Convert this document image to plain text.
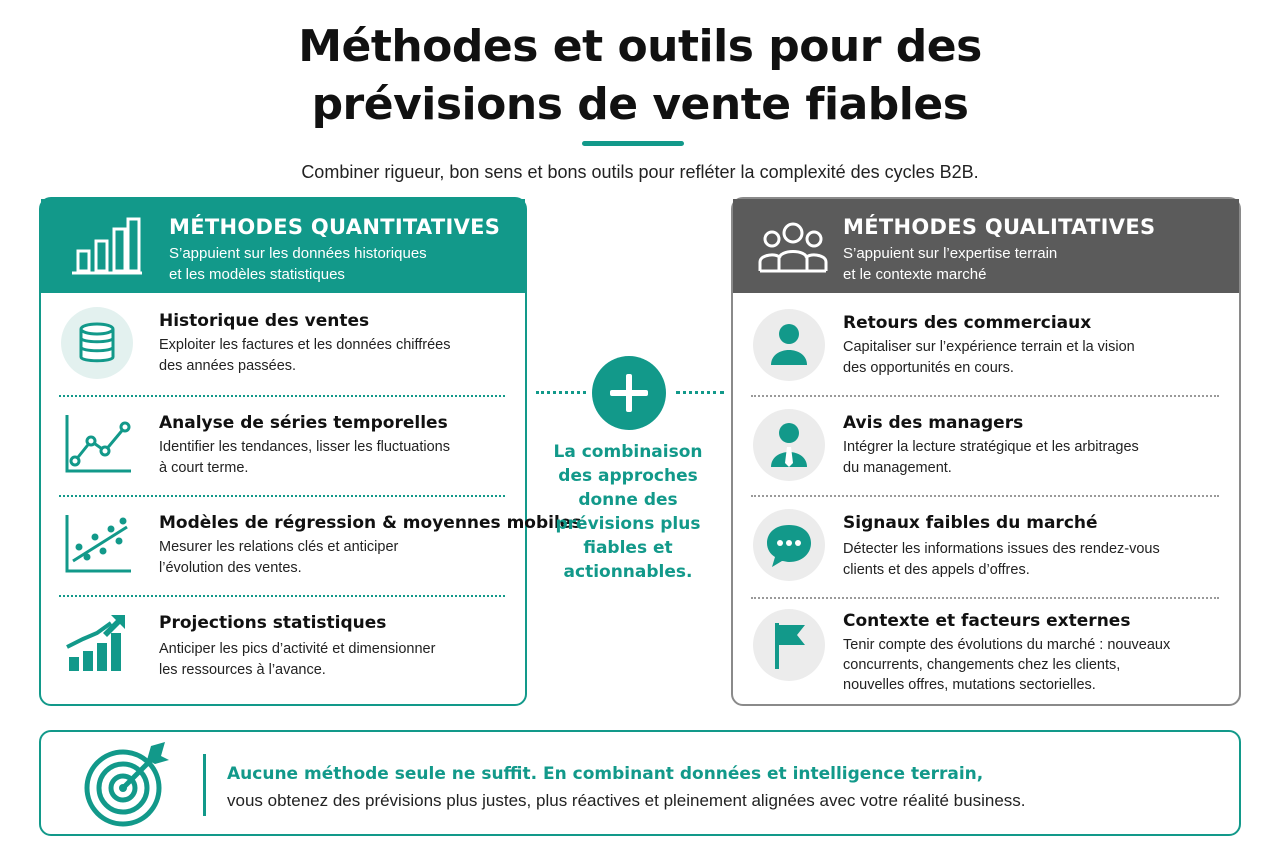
Méthodes et outils pour des
prévisions de vente fiables
Combiner rigueur, bon sens et bons outils pour refléter la complexité des cycles B2B.
MÉTHODES QUANTITATIVES
S’appuient sur les données historiques
et les modèles statistiques
Historique des ventes
Exploiter les factures et les données chiffrées
des années passées.
Analyse de séries temporelles
Identifier les tendances, lisser les fluctuations
à court terme.
Modèles de régression & moyennes mobiles
Mesurer les relations clés et anticiper
l’évolution des ventes.
Projections statistiques
Anticiper les pics d’activité et dimensionner
les ressources à l’avance.
La combinaison
des approches
donne des
prévisions plus
fiables et
actionnables.
MÉTHODES QUALITATIVES
S’appuient sur l’expertise terrain
et le contexte marché
Retours des commerciaux
Capitaliser sur l’expérience terrain et la vision
des opportunités en cours.
Avis des managers
Intégrer la lecture stratégique et les arbitrages
du management.
Signaux faibles du marché
Détecter les informations issues des rendez-vous
clients et des appels d’offres.
Contexte et facteurs externes
Tenir compte des évolutions du marché : nouveaux
concurrents, changements chez les clients,
nouvelles offres, mutations sectorielles.
Aucune méthode seule ne suffit. En combinant données et intelligence terrain,
vous obtenez des prévisions plus justes, plus réactives et pleinement alignées avec votre réalité business.
